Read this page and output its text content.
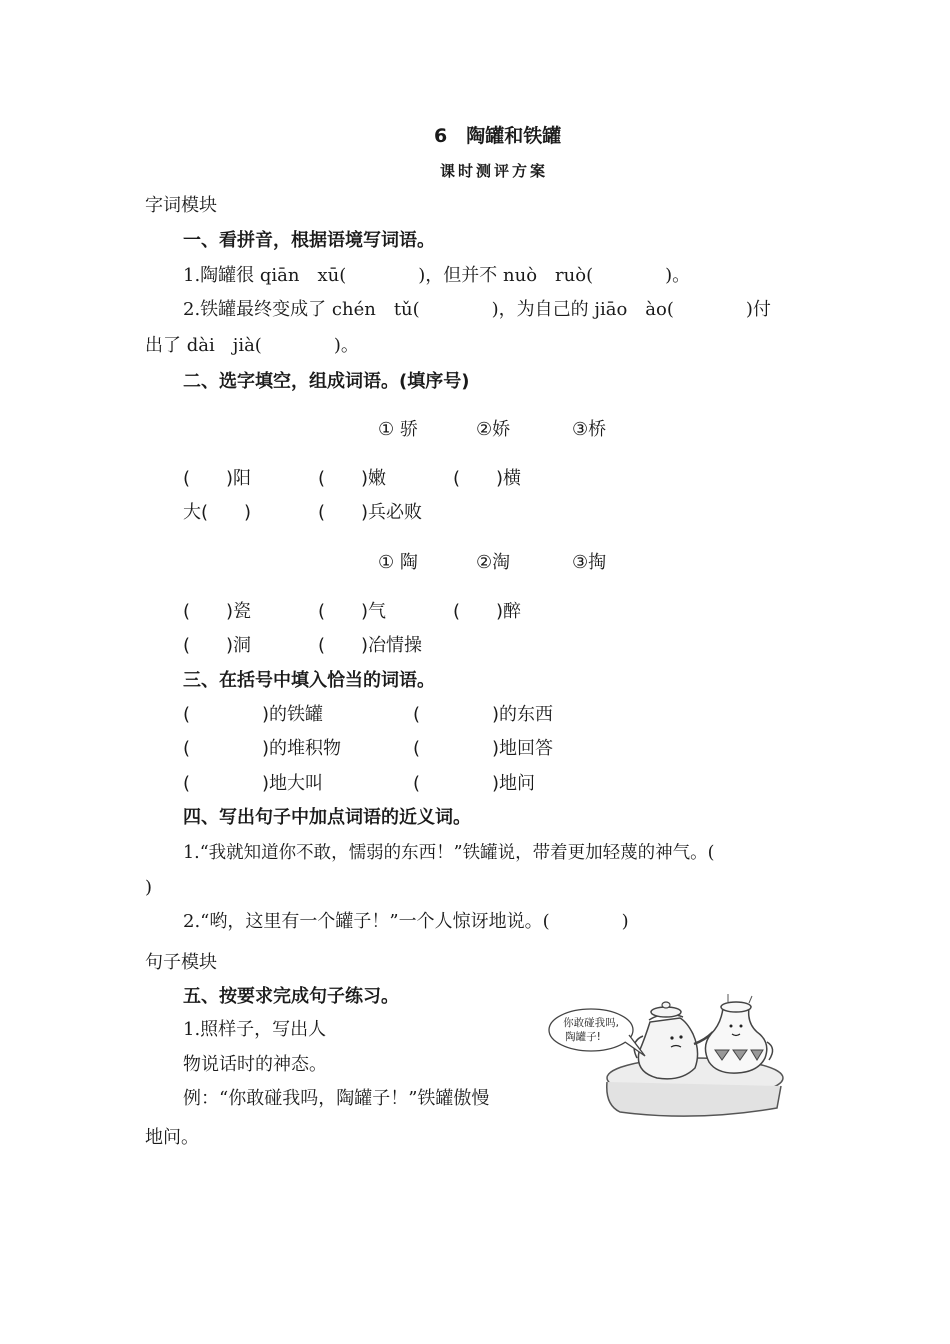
6　陶罐和铁罐
课时测评方案
字词模块
一、看拼音，根据语境写词语。
1.陶罐很 qiān　xū(　　　　)，但并不 nuò　ruò(　　　　)。
2.铁罐最终变成了 chén　tǔ(　　　　)，为自己的 jiāo　ào(　　　　)付
出了 dài　jià(　　　　)。
二、选字填空，组成词语。(填序号)
① 骄	②娇	③桥
(　　)阳	(　　)嫩	(　　)横
大(　　)	(　　)兵必败
① 陶	②淘	③掏
(　　)瓷	(　　)气	(　　)醉
(　　)洞	(　　)冶情操
三、在括号中填入恰当的词语。
(　　　　)的铁罐	(　　　　)的东西
(　　　　)的堆积物	(　　　　)地回答
(　　　　)地大叫	(　　　　)地问
四、写出句子中加点词语的近义词。
1.“我就知道你不敢，懦弱的东西！”铁罐说，带着更加轻蔑的神气。(
)
2.“哟，这里有一个罐子！”一个人惊讶地说。(　　　　)
句子模块
五、按要求完成句子练习。
1.照样子，写出人
物说话时的神态。
例：“你敢碰我吗，陶罐子！”铁罐傲慢
地问。
你敢碰我吗,
陶罐子!
